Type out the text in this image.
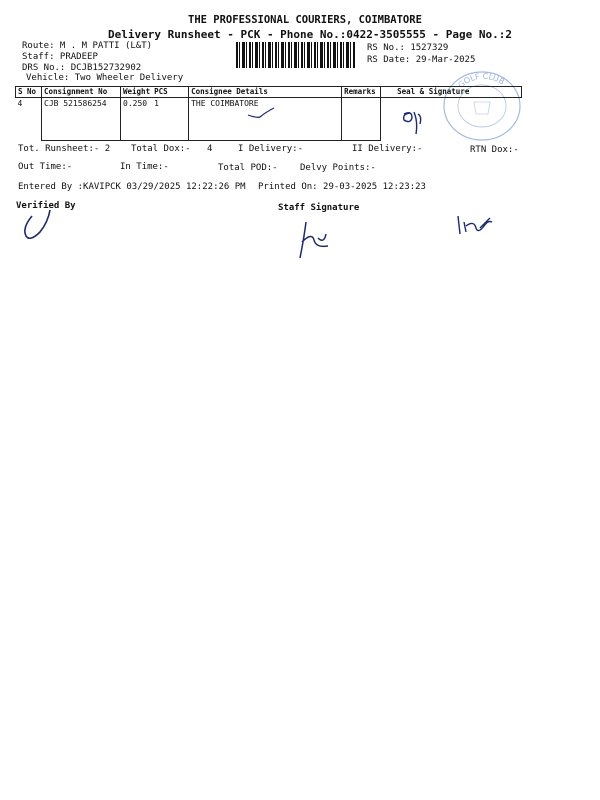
THE PROFESSIONAL COURIERS, COIMBATORE
Delivery Runsheet - PCK - Phone No.:0422-3505555 - Page No.:2
Route: M . M PATTI (L&T)
Staff: PRADEEP
DRS No.: DCJB152732902
Vehicle: Two Wheeler Delivery
RS No.: 1527329
RS Date: 29-Mar-2025
GOLF CLUB
S No	Consignment No	Weight	PCS	Consignee Details	Remarks	Seal & Signature
4	CJB 521586254	0.250	1	THE COIMBATORE		
Tot. Runsheet:- 2 Total Dox:- 4	I Delivery:-	II Delivery:-	RTN Dox:-
Out Time:-	In Time:-	Total POD:- Delvy Points:-
Entered By :KAVIPCK 03/29/2025 12:22:26 PM Printed On: 29-03-2025 12:23:23
Verified By	Staff Signature
